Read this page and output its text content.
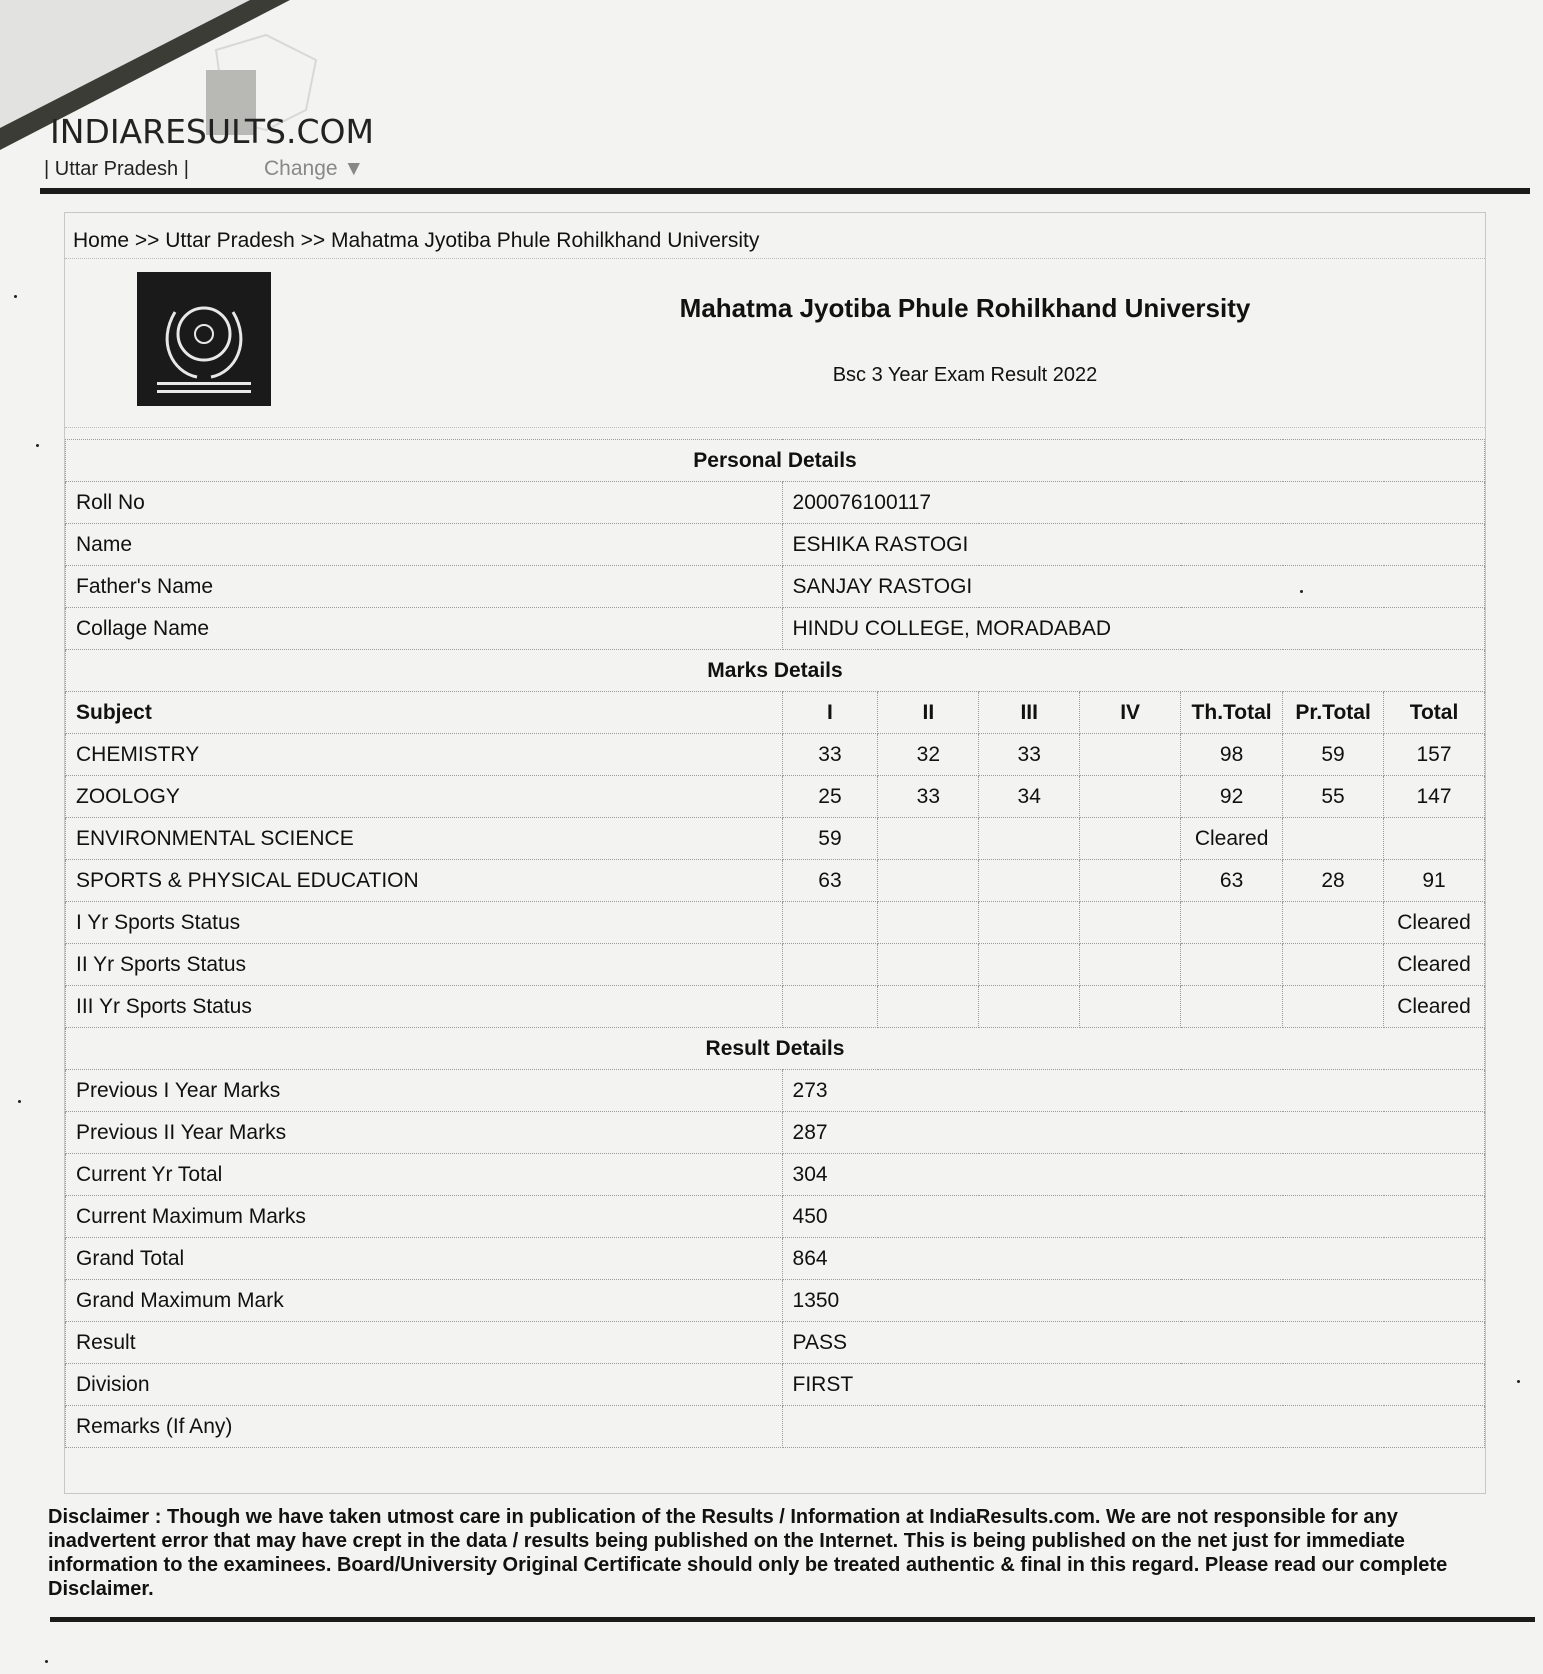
INDIARESULTS.COM
| Uttar Pradesh |	Change ▼
Home >> Uttar Pradesh >> Mahatma Jyotiba Phule Rohilkhand University
Mahatma Jyotiba Phule Rohilkhand University
Bsc 3 Year Exam Result 2022
Personal Details							
Roll No	200076100117						
Name	ESHIKA RASTOGI						
Father's Name	SANJAY RASTOGI						
Collage Name	HINDU COLLEGE, MORADABAD						
Marks Details							
Subject	I	II	III	IV	Th.Total	Pr.Total	Total
CHEMISTRY	33	32	33		98	59	157
ZOOLOGY	25	33	34		92	55	147
ENVIRONMENTAL SCIENCE	59				Cleared		
SPORTS & PHYSICAL EDUCATION	63				63	28	91
I Yr Sports Status							Cleared
II Yr Sports Status							Cleared
III Yr Sports Status							Cleared
Result Details							
Previous I Year Marks	273						
Previous II Year Marks	287						
Current Yr Total	304						
Current Maximum Marks	450						
Grand Total	864						
Grand Maximum Mark	1350						
Result	PASS						
Division	FIRST						
Remarks (If Any)							
Disclaimer : Though we have taken utmost care in publication of the Results / Information at IndiaResults.com. We are not responsible for any inadvertent error that may have crept in the data / results being published on the Internet. This is being published on the net just for immediate information to the examinees. Board/University Original Certificate should only be treated authentic & final in this regard. Please read our complete Disclaimer.
